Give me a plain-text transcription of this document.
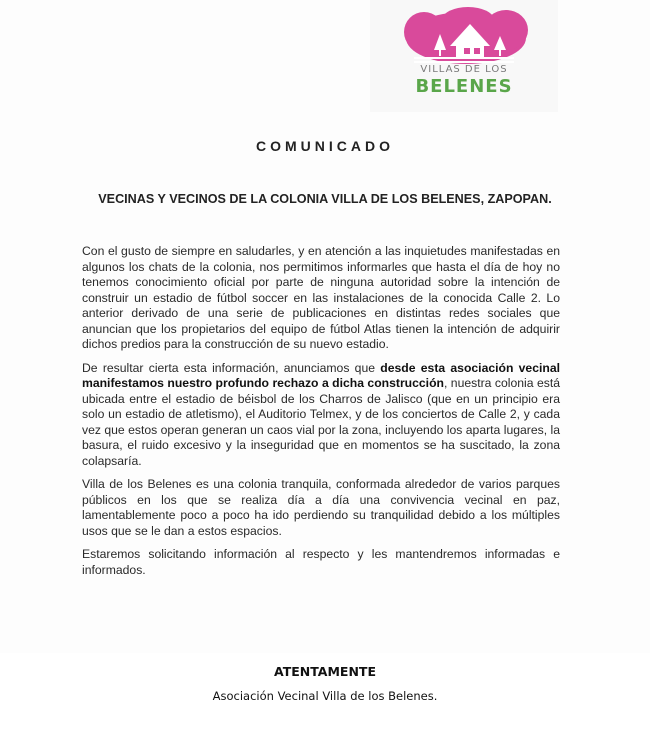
VILLAS DE LOS
BELENES
COMUNICADO
VECINAS Y VECINOS DE LA COLONIA VILLA DE LOS BELENES, ZAPOPAN.

Con el gusto de siempre en saludarles, y en atención a las inquietudes manifestadas en algunos los chats de la colonia, nos permitimos informarles que hasta el día de hoy no tenemos conocimiento oficial por parte de ninguna autoridad sobre la intención de construir un estadio de fútbol soccer en las instalaciones de la conocida Calle 2. Lo anterior derivado de una serie de publicaciones en distintas redes sociales que anuncian que los propietarios del equipo de fútbol Atlas tienen la intención de adquirir dichos predios para la construcción de su nuevo estadio.

De resultar cierta esta información, anunciamos que desde esta asociación vecinal manifestamos nuestro profundo rechazo a dicha construcción, nuestra colonia está ubicada entre el estadio de béisbol de los Charros de Jalisco (que en un principio era solo un estadio de atletismo), el Auditorio Telmex, y de los conciertos de Calle 2, y cada vez que estos operan generan un caos vial por la zona, incluyendo los aparta lugares, la basura, el ruido excesivo y la inseguridad que en momentos se ha suscitado, la zona colapsaría.

Villa de los Belenes es una colonia tranquila, conformada alrededor de varios parques públicos en los que se realiza día a día una convivencia vecinal en paz, lamentablemente poco a poco ha ido perdiendo su tranquilidad debido a los múltiples usos que se le dan a estos espacios.

Estaremos solicitando información al respecto y les mantendremos informadas e informados.

ATENTAMENTE
Asociación Vecinal Villa de los Belenes.
